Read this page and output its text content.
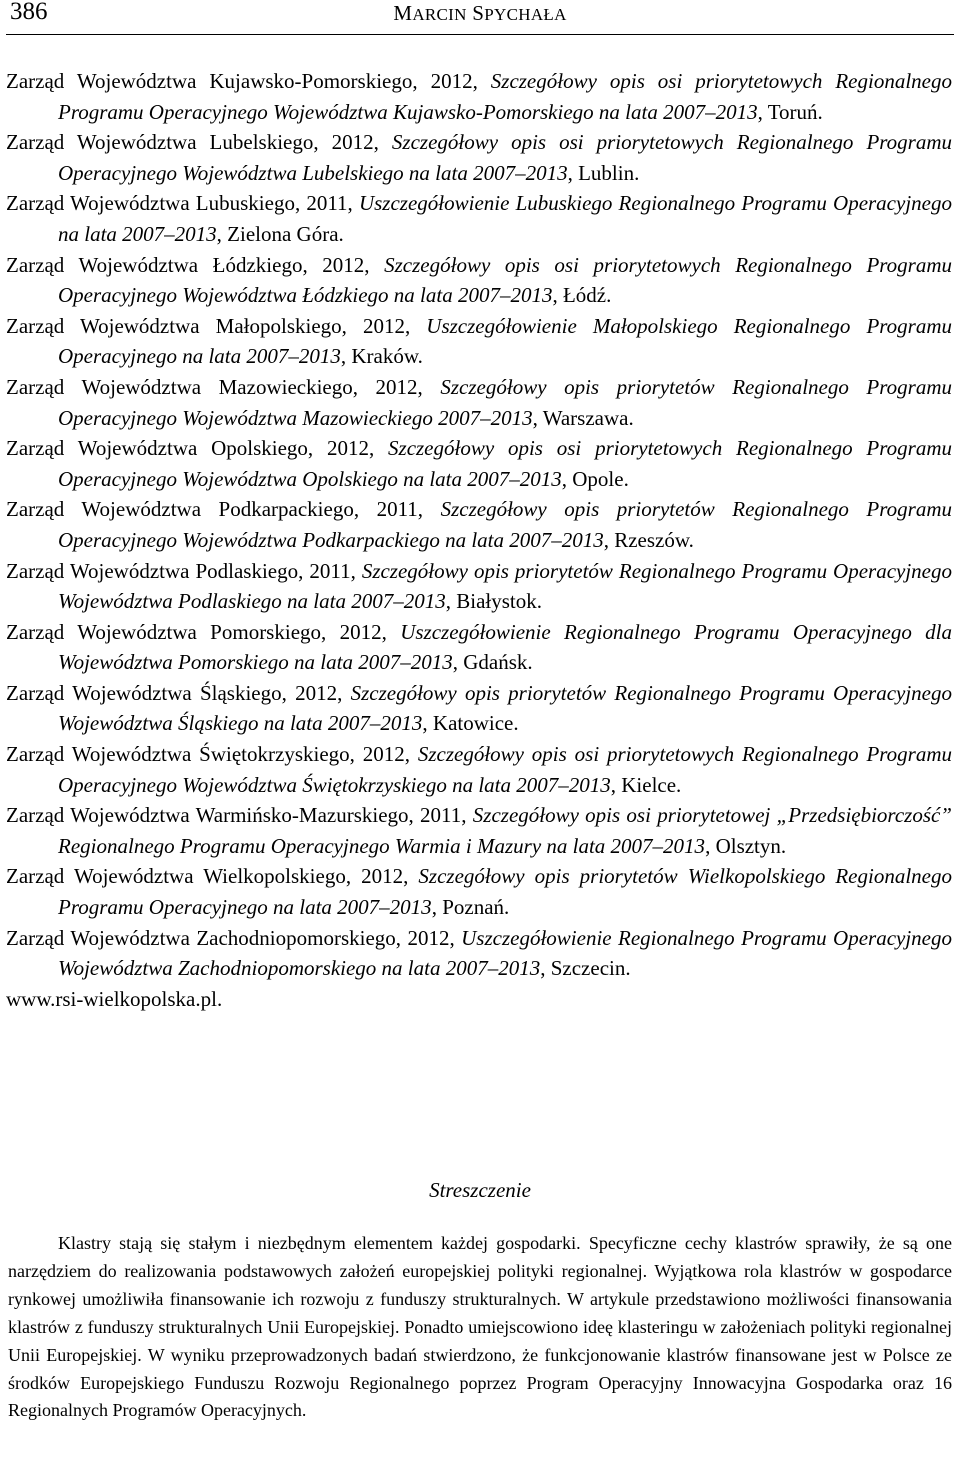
386	MARCIN SPYCHAŁA

Zarząd Województwa Kujawsko-Pomorskiego, 2012, Szczegółowy opis osi priorytetowych Regionalnego Programu Operacyjnego Województwa Kujawsko-Pomorskiego na lata 2007–2013, Toruń.

Zarząd Województwa Lubelskiego, 2012, Szczegółowy opis osi priorytetowych Regionalnego Programu Operacyjnego Województwa Lubelskiego na lata 2007–2013, Lublin.

Zarząd Województwa Lubuskiego, 2011, Uszczegółowienie Lubuskiego Regionalnego Programu Operacyjnego na lata 2007–2013, Zielona Góra.

Zarząd Województwa Łódzkiego, 2012, Szczegółowy opis osi priorytetowych Regionalnego Programu Operacyjnego Województwa Łódzkiego na lata 2007–2013, Łódź.

Zarząd Województwa Małopolskiego, 2012, Uszczegółowienie Małopolskiego Regionalnego Programu Operacyjnego na lata 2007–2013, Kraków.

Zarząd Województwa Mazowieckiego, 2012, Szczegółowy opis priorytetów Regionalnego Programu Operacyjnego Województwa Mazowieckiego 2007–2013, Warszawa.

Zarząd Województwa Opolskiego, 2012, Szczegółowy opis osi priorytetowych Regionalnego Programu Operacyjnego Województwa Opolskiego na lata 2007–2013, Opole.

Zarząd Województwa Podkarpackiego, 2011, Szczegółowy opis priorytetów Regionalnego Programu Operacyjnego Województwa Podkarpackiego na lata 2007–2013, Rzeszów.

Zarząd Województwa Podlaskiego, 2011, Szczegółowy opis priorytetów Regionalnego Programu Operacyjnego Województwa Podlaskiego na lata 2007–2013, Białystok.

Zarząd Województwa Pomorskiego, 2012, Uszczegółowienie Regionalnego Programu Operacyjnego dla Województwa Pomorskiego na lata 2007–2013, Gdańsk.

Zarząd Województwa Śląskiego, 2012, Szczegółowy opis priorytetów Regionalnego Programu Operacyjnego Województwa Śląskiego na lata 2007–2013, Katowice.

Zarząd Województwa Świętokrzyskiego, 2012, Szczegółowy opis osi priorytetowych Regionalnego Programu Operacyjnego Województwa Świętokrzyskiego na lata 2007–2013, Kielce.

Zarząd Województwa Warmińsko-Mazurskiego, 2011, Szczegółowy opis osi priorytetowej „Przedsiębiorczość” Regionalnego Programu Operacyjnego Warmia i Mazury na lata 2007–2013, Olsztyn.

Zarząd Województwa Wielkopolskiego, 2012, Szczegółowy opis priorytetów Wielkopolskiego Regionalnego Programu Operacyjnego na lata 2007–2013, Poznań.

Zarząd Województwa Zachodniopomorskiego, 2012, Uszczegółowienie Regionalnego Programu Operacyjnego Województwa Zachodniopomorskiego na lata 2007–2013, Szczecin.

www.rsi-wielkopolska.pl.

Streszczenie

Klastry stają się stałym i niezbędnym elementem każdej gospodarki. Specyficzne cechy klastrów sprawiły, że są one narzędziem do realizowania podstawowych założeń europejskiej polityki regionalnej. Wyjątkowa rola klastrów w gospodarce rynkowej umożliwiła finansowanie ich rozwoju z funduszy strukturalnych. W artykule przedstawiono możliwości finansowania klastrów z funduszy strukturalnych Unii Europejskiej. Ponadto umiejscowiono ideę klasteringu w założeniach polityki regionalnej Unii Europejskiej. W wyniku przeprowadzonych badań stwierdzono, że funkcjonowanie klastrów finansowane jest w Polsce ze środków Europejskiego Funduszu Rozwoju Regionalnego poprzez Program Operacyjny Innowacyjna Gospodarka oraz 16 Regionalnych Programów Operacyjnych.
